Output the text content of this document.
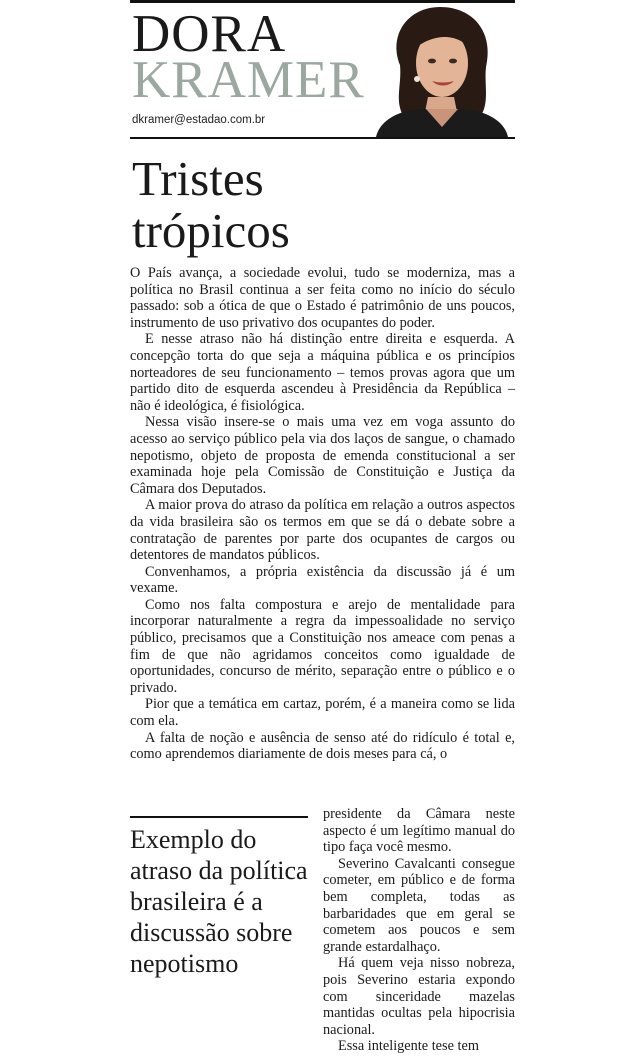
DORA
KRAMER
dkramer@estadao.com.br
Tristes
trópicos

O País avança, a sociedade evolui, tudo se moderniza, mas a política no Brasil continua a ser feita como no início do século passado: sob a ótica de que o Estado é patrimônio de uns poucos, instrumento de uso privativo dos ocupantes do poder.

E nesse atraso não há distinção entre direita e esquerda. A concepção torta do que seja a máquina pública e os princípios norteadores de seu funcionamento – temos provas agora que um partido dito de esquerda ascendeu à Presidência da República – não é ideológica, é fisiológica.

Nessa visão insere-se o mais uma vez em voga assunto do acesso ao serviço público pela via dos laços de sangue, o chamado nepotismo, objeto de proposta de emenda constitucional a ser examinada hoje pela Comissão de Constituição e Justiça da Câmara dos Deputados.

A maior prova do atraso da política em relação a outros aspectos da vida brasileira são os termos em que se dá o debate sobre a contratação de parentes por parte dos ocupantes de cargos ou detentores de mandatos públicos.

Convenhamos, a própria existência da discussão já é um vexame.

Como nos falta compostura e arejo de mentalidade para incorporar naturalmente a regra da impessoalidade no serviço público, precisamos que a Constituição nos ameace com penas a fim de que não agridamos conceitos como igualdade de oportunidades, concurso de mérito, separação entre o público e o privado.

Pior que a temática em cartaz, porém, é a maneira como se lida com ela.

A falta de noção e ausência de senso até do ridículo é total e, como aprendemos diariamente de dois meses para cá, o

Exemplo do atraso da política brasileira é a discussão sobre nepotismo

presidente da Câmara neste aspecto é um legítimo manual do tipo faça você mesmo.

Severino Cavalcanti consegue cometer, em público e de forma bem completa, todas as barbaridades que em geral se cometem aos poucos e sem grande estardalhaço.

Há quem veja nisso nobreza, pois Severino estaria expondo com sinceridade mazelas mantidas ocultas pela hipocrisia nacional.

Essa inteligente tese tem
